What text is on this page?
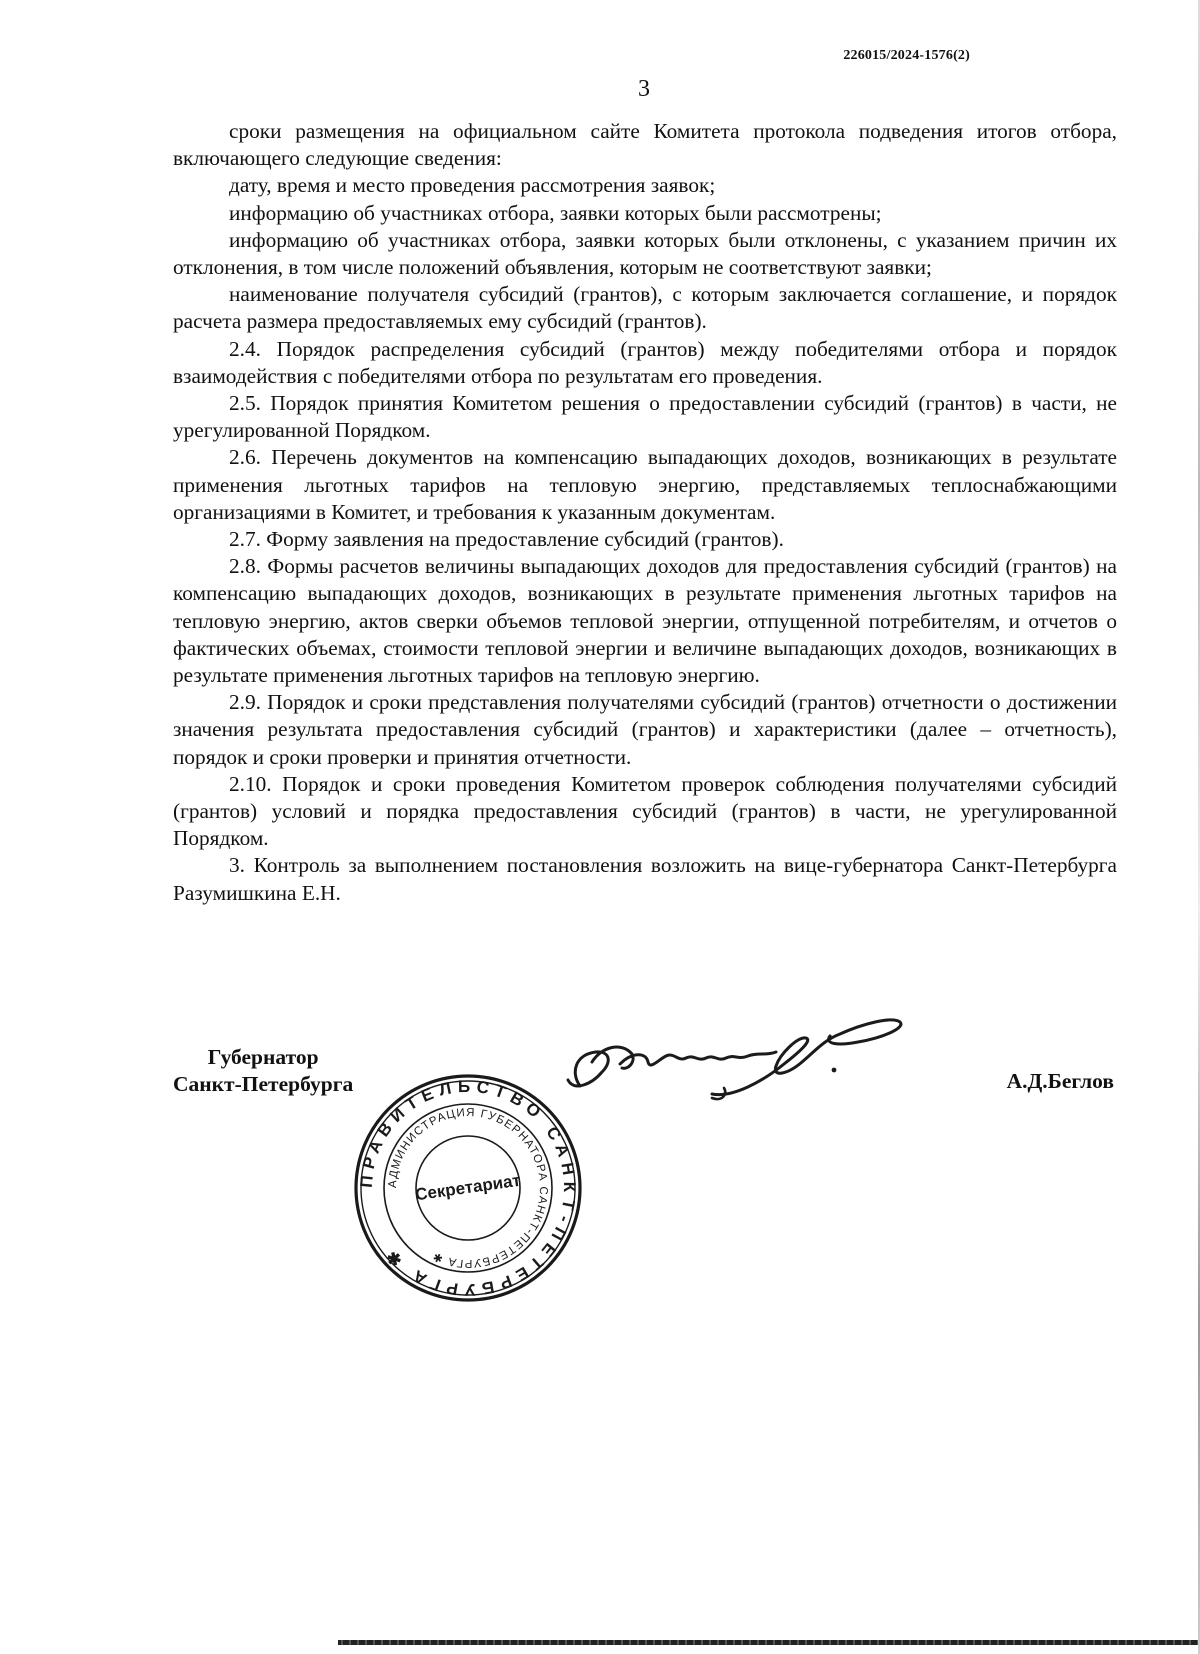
226015/2024-1576(2)
3

сроки размещения на официальном сайте Комитета протокола подведения итогов отбора, включающего следующие сведения:

дату, время и место проведения рассмотрения заявок;

информацию об участниках отбора, заявки которых были рассмотрены;

информацию об участниках отбора, заявки которых были отклонены, с указанием причин их отклонения, в том числе положений объявления, которым не соответствуют заявки;

наименование получателя субсидий (грантов), с которым заключается соглашение, и порядок расчета размера предоставляемых ему субсидий (грантов).

2.4. Порядок распределения субсидий (грантов) между победителями отбора и порядок взаимодействия с победителями отбора по результатам его проведения.

2.5. Порядок принятия Комитетом решения о предоставлении субсидий (грантов) в части, не урегулированной Порядком.

2.6. Перечень документов на компенсацию выпадающих доходов, возникающих в результате применения льготных тарифов на тепловую энергию, представляемых теплоснабжающими организациями в Комитет, и требования к указанным документам.

2.7. Форму заявления на предоставление субсидий (грантов).

2.8. Формы расчетов величины выпадающих доходов для предоставления субсидий (грантов) на компенсацию выпадающих доходов, возникающих в результате применения льготных тарифов на тепловую энергию, актов сверки объемов тепловой энергии, отпущенной потребителям, и отчетов о фактических объемах, стоимости тепловой энергии и величине выпадающих доходов, возникающих в результате применения льготных тарифов на тепловую энергию.

2.9. Порядок и сроки представления получателями субсидий (грантов) отчетности о достижении значения результата предоставления субсидий (грантов) и характеристики (далее – отчетность), порядок и сроки проверки и принятия отчетности.

2.10. Порядок и сроки проведения Комитетом проверок соблюдения получателями субсидий (грантов) условий и порядка предоставления субсидий (грантов) в части, не урегулированной Порядком.

3. Контроль за выполнением постановления возложить на вице-губернатора Санкт-Петербурга Разумишкина Е.Н.

Губернатор
Санкт-Петербурга
ПРАВИТЕЛЬСТВО САНКТ-ПЕТЕРБУРГА ✱
АДМИНИСТРАЦИЯ ГУБЕРНАТОРА САНКТ-ПЕТЕРБУРГА ✱
Секретариат
А.Д.Беглов
